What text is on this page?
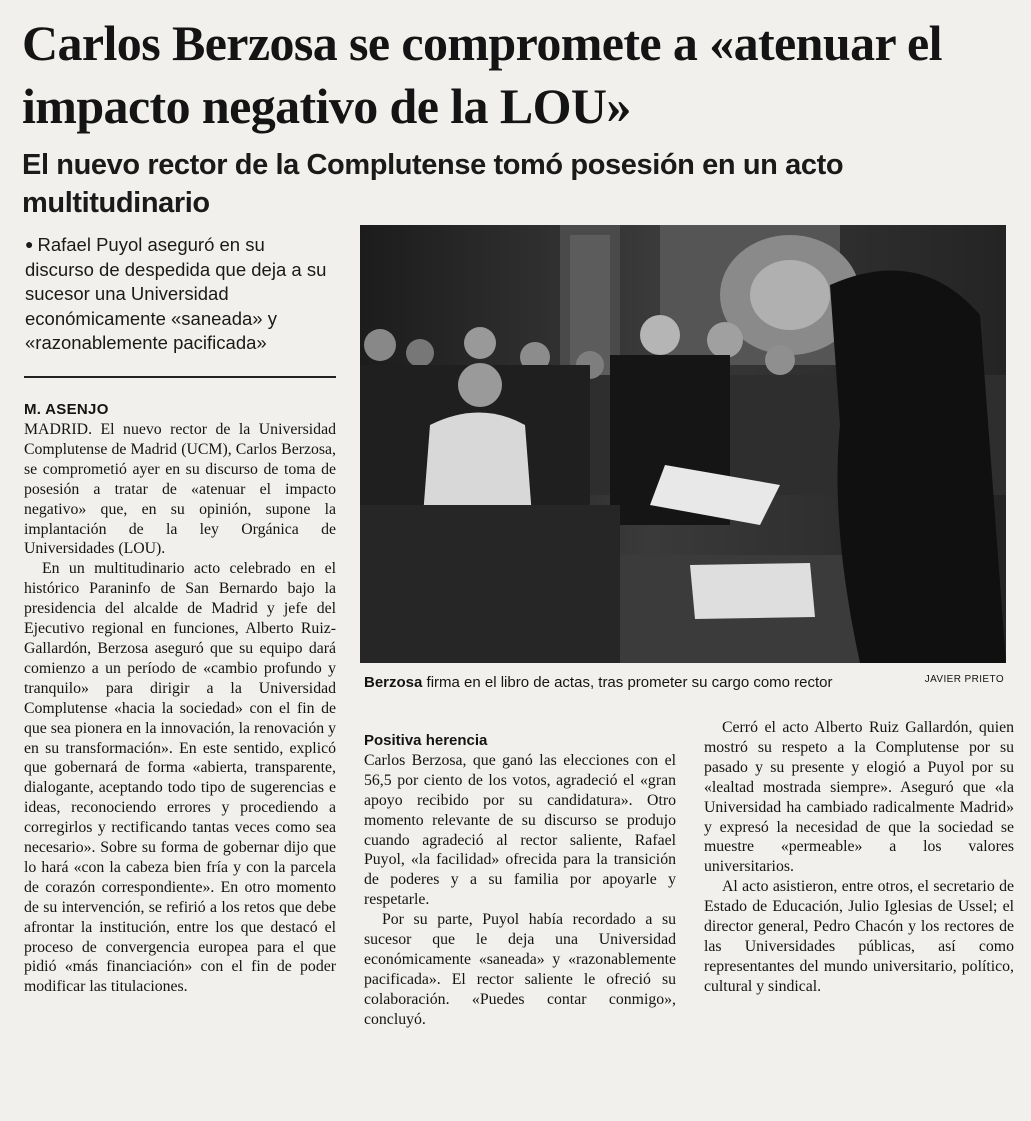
Carlos Berzosa se compromete a «atenuar el impacto negativo de la LOU»
El nuevo rector de la Complutense tomó posesión en un acto multitudinario

● Rafael Puyol aseguró en su discurso de despedida que deja a su sucesor una Universidad económicamente «saneada» y «razonablemente pacificada»

M. ASENJO

MADRID. El nuevo rector de la Universidad Complutense de Madrid (UCM), Carlos Berzosa, se comprometió ayer en su discurso de toma de posesión a tratar de «atenuar el impacto negativo» que, en su opinión, supone la implantación de la ley Orgánica de Universidades (LOU).

En un multitudinario acto celebrado en el histórico Paraninfo de San Bernardo bajo la presidencia del alcalde de Madrid y jefe del Ejecutivo regional en funciones, Alberto Ruiz-Gallardón, Berzosa aseguró que su equipo dará comienzo a un período de «cambio profundo y tranquilo» para dirigir a la Universidad Complutense «hacia la sociedad» con el fin de que sea pionera en la innovación, la renovación y en su transformación». En este sentido, explicó que gobernará de forma «abierta, transparente, dialogante, aceptando todo tipo de sugerencias e ideas, reconociendo errores y procediendo a corregirlos y rectificando tantas veces como sea necesario». Sobre su forma de gobernar dijo que lo hará «con la cabeza bien fría y con la parcela de corazón correspondiente». En otro momento de su intervención, se refirió a los retos que debe afrontar la institución, entre los que destacó el proceso de convergencia europea para el que pidió «más financiación» con el fin de poder modificar las titulaciones.

Berzosa firma en el libro de actas, tras prometer su cargo como rector	JAVIER PRIETO

Positiva herencia

Carlos Berzosa, que ganó las elecciones con el 56,5 por ciento de los votos, agradeció el «gran apoyo recibido por su candidatura». Otro momento relevante de su discurso se produjo cuando agradeció al rector saliente, Rafael Puyol, «la facilidad» ofrecida para la transición de poderes y a su familia por apoyarle y respetarle.

Por su parte, Puyol había recordado a su sucesor que le deja una Universidad económicamente «saneada» y «razonablemente pacificada». El rector saliente le ofreció su colaboración. «Puedes contar conmigo», concluyó.

Cerró el acto Alberto Ruiz Gallardón, quien mostró su respeto a la Complutense por su pasado y su presente y elogió a Puyol por su «lealtad mostrada siempre». Aseguró que «la Universidad ha cambiado radicalmente Madrid» y expresó la necesidad de que la sociedad se muestre «permeable» a los valores universitarios.

Al acto asistieron, entre otros, el secretario de Estado de Educación, Julio Iglesias de Ussel; el director general, Pedro Chacón y los rectores de las Universidades públicas, así como representantes del mundo universitario, político, cultural y sindical.
